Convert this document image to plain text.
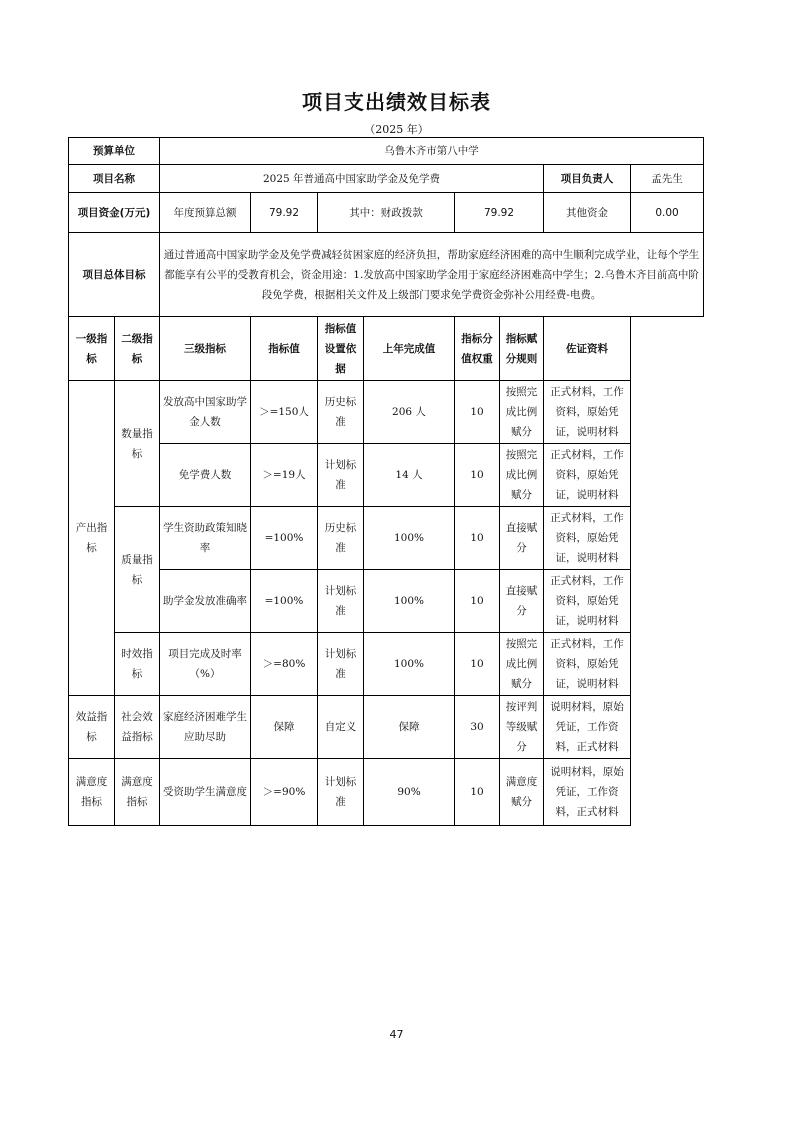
项目支出绩效目标表
（2025 年）
预算单位		乌鲁木齐市第八中学							
项目名称		2025 年普通高中国家助学金及免学费						项目负责人	孟先生
项目资金(万元)		年度预算总额	79.92	其中：财政拨款		79.92		其他资金	0.00
项目总体目标		通过普通高中国家助学金及免学费减轻贫困家庭的经济负担，帮助家庭经济困难的高中生顺利完成学业，让每个学生都能享有公平的受教育机会，资金用途：1.发放高中国家助学金用于家庭经济困难高中学生；2.乌鲁木齐目前高中阶段免学费，根据相关文件及上级部门要求免学费资金弥补公用经费-电费。							
一级指标	二级指标	三级指标	指标值	指标值设置依据	上年完成值	指标分值权重	指标赋分规则	佐证资料	
产出指标	数量指标	发放高中国家助学金人数	＞=150人	历史标准	206 人	10	按照完成比例赋分	正式材料，工作资料，原始凭证，说明材料	
		免学费人数	＞=19人	计划标准	14 人	10	按照完成比例赋分	正式材料，工作资料，原始凭证，说明材料	
	质量指标	学生资助政策知晓率	=100%	历史标准	100%	10	直接赋分	正式材料，工作资料，原始凭证，说明材料	
		助学金发放准确率	=100%	计划标准	100%	10	直接赋分	正式材料，工作资料，原始凭证，说明材料	
	时效指标	项目完成及时率（%）	＞=80%	计划标准	100%	10	按照完成比例赋分	正式材料，工作资料，原始凭证，说明材料	
效益指标	社会效益指标	家庭经济困难学生应助尽助	保障	自定义	保障	30	按评判等级赋分	说明材料，原始凭证，工作资料，正式材料	
满意度指标	满意度指标	受资助学生满意度	＞=90%	计划标准	90%	10	满意度赋分	说明材料，原始凭证，工作资料，正式材料	
47
